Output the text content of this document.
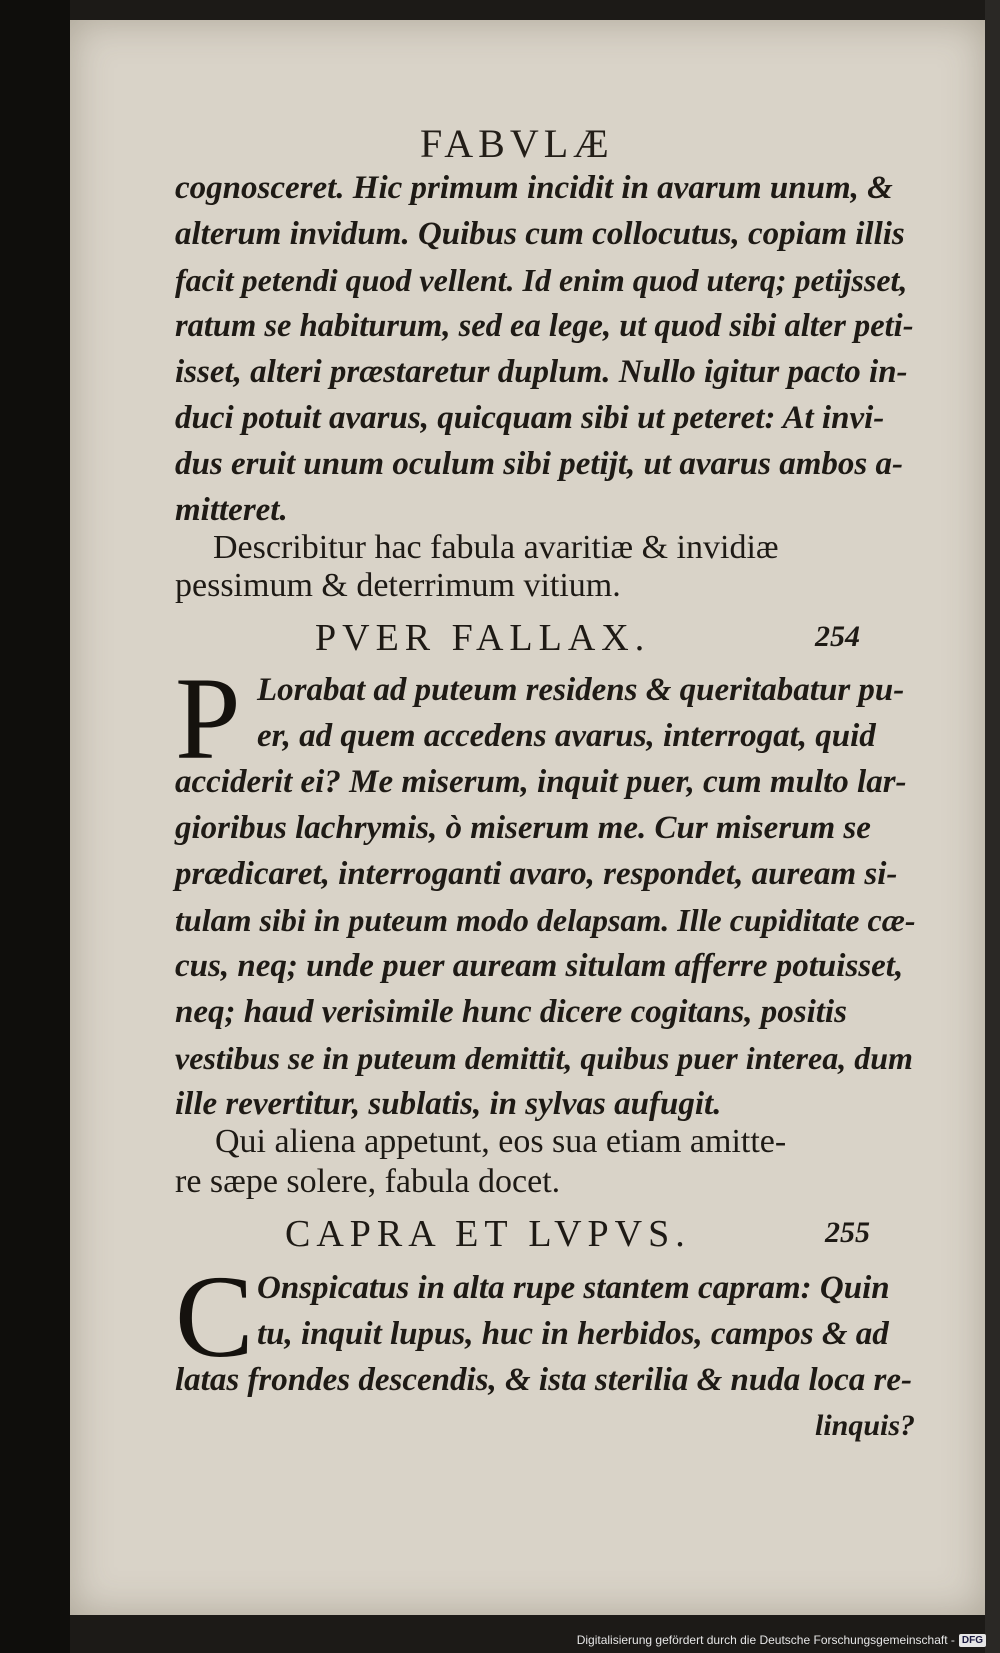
FABVLÆ
cognosceret. Hic primum incidit in avarum unum, &
alterum invidum. Quibus cum collocutus, copiam illis
facit petendi quod vellent. Id enim quod uterq; petijsset,
ratum se habiturum, sed ea lege, ut quod sibi alter peti-
isset, alteri præstaretur duplum. Nullo igitur pacto in-
duci potuit avarus, quicquam sibi ut peteret: At invi-
dus eruit unum oculum sibi petijt, ut avarus ambos a-
mitteret.
Describitur hac fabula avaritiæ & invidiæ
pessimum & deterrimum vitium.
PVER FALLAX.	254
P Lorabat ad puteum residens & queritabatur pu-
er, ad quem accedens avarus, interrogat, quid
acciderit ei? Me miserum, inquit puer, cum multo lar-
gioribus lachrymis, ò miserum me. Cur miserum se
prædicaret, interroganti avaro, respondet, auream si-
tulam sibi in puteum modo delapsam. Ille cupiditate cæ-
cus, neq; unde puer auream situlam afferre potuisset,
neq; haud verisimile hunc dicere cogitans, positis
vestibus se in puteum demittit, quibus puer interea, dum
ille revertitur, sublatis, in sylvas aufugit.
Qui aliena appetunt, eos sua etiam amitte-
re sæpe solere, fabula docet.
CAPRA ET LVPVS.	255
C Onspicatus in alta rupe stantem capram: Quin
tu, inquit lupus, huc in herbidos, campos & ad
latas frondes descendis, & ista sterilia & nuda loca re-
linquis?
Digitalisierung gefördert durch die Deutsche Forschungsgemeinschaft - DFG
